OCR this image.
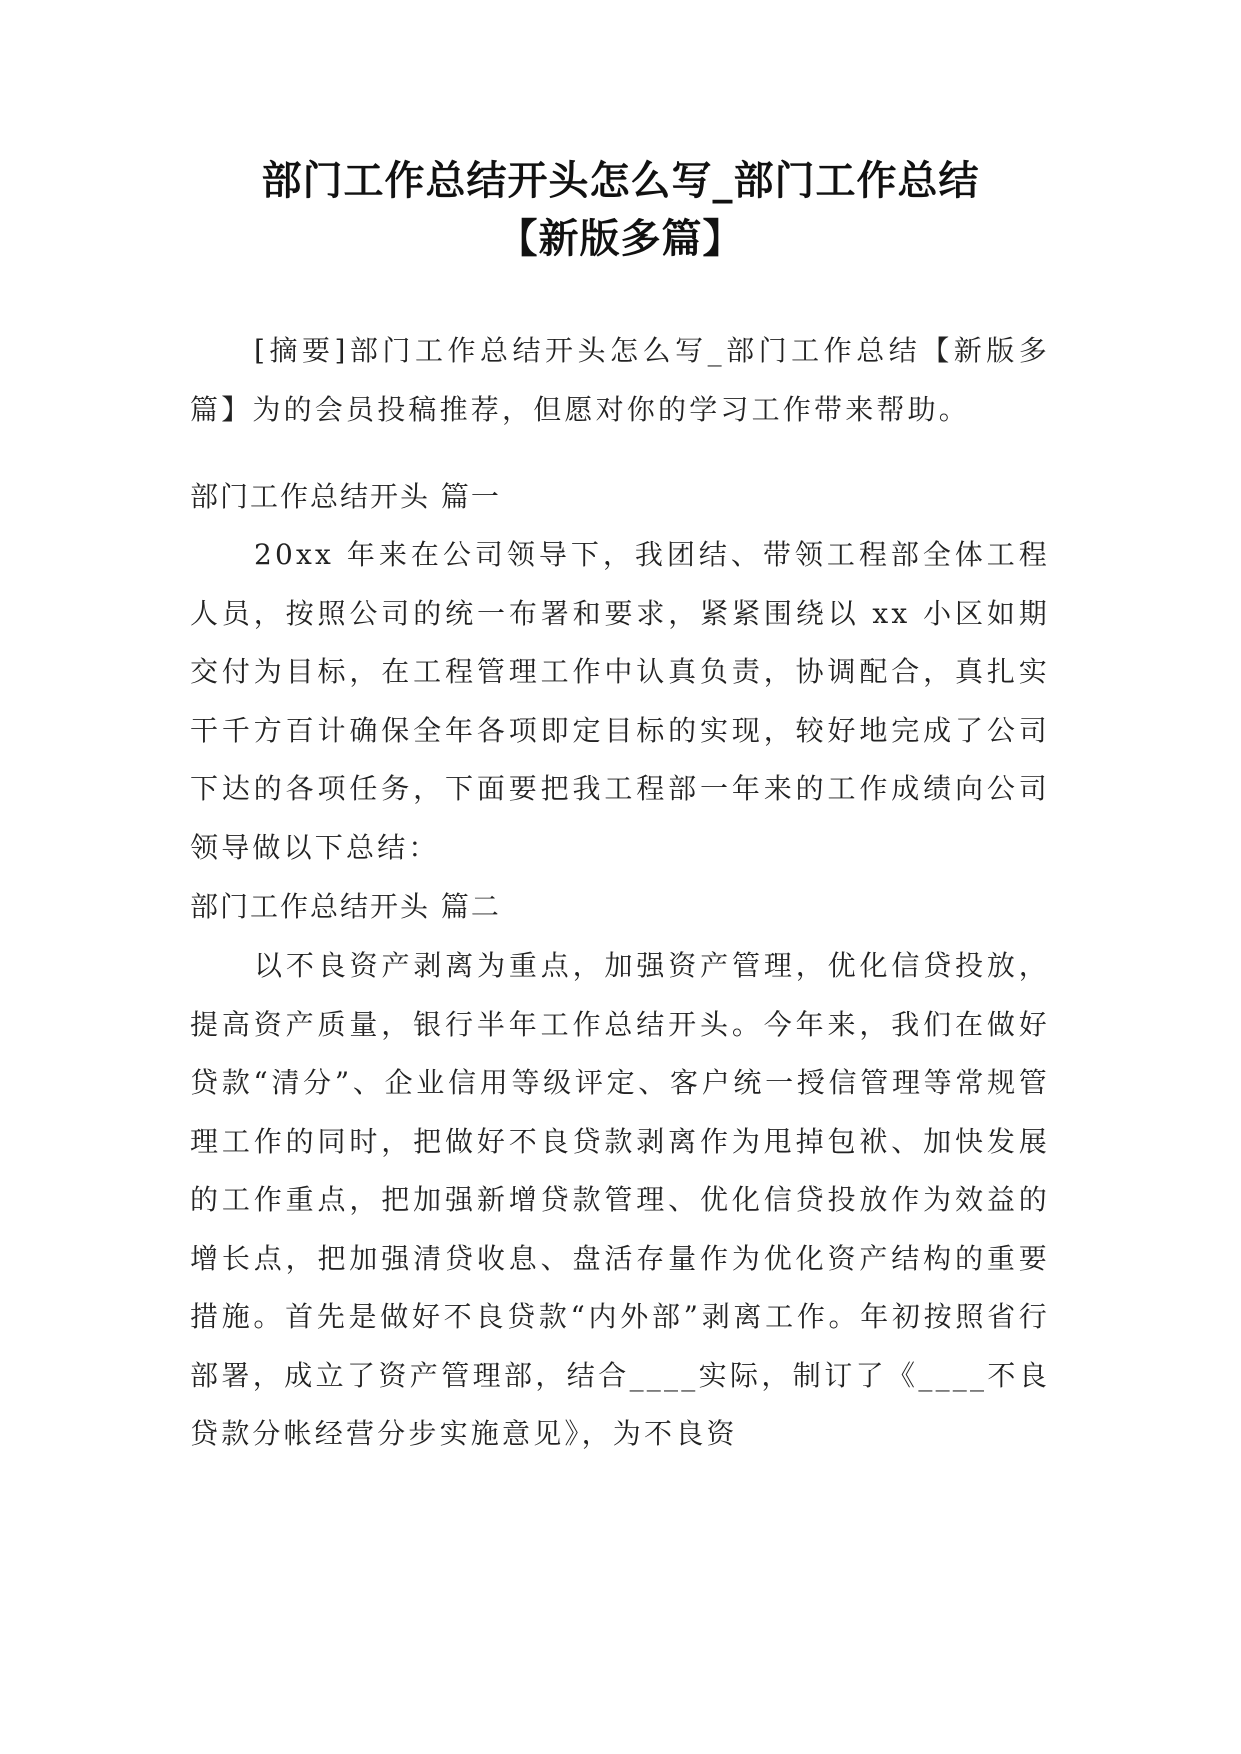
部门工作总结开头怎么写_部门工作总结
【新版多篇】

[摘要]部门工作总结开头怎么写_部门工作总结【新版多篇】为的会员投稿推荐，但愿对你的学习工作带来帮助。

部门工作总结开头 篇一

20xx 年来在公司领导下，我团结、带领工程部全体工程人员，按照公司的统一布署和要求，紧紧围绕以 xx 小区如期交付为目标，在工程管理工作中认真负责，协调配合，真扎实干千方百计确保全年各项即定目标的实现，较好地完成了公司下达的各项任务，下面要把我工程部一年来的工作成绩向公司领导做以下总结：

部门工作总结开头 篇二

以不良资产剥离为重点，加强资产管理，优化信贷投放，提高资产质量，银行半年工作总结开头。今年来，我们在做好贷款“清分”、企业信用等级评定、客户统一授信管理等常规管理工作的同时，把做好不良贷款剥离作为甩掉包袱、加快发展的工作重点，把加强新增贷款管理、优化信贷投放作为效益的增长点，把加强清贷收息、盘活存量作为优化资产结构的重要措施。首先是做好不良贷款“内外部”剥离工作。年初按照省行部署，成立了资产管理部，结合____实际，制订了《____不良贷款分帐经营分步实施意见》，为不良资
